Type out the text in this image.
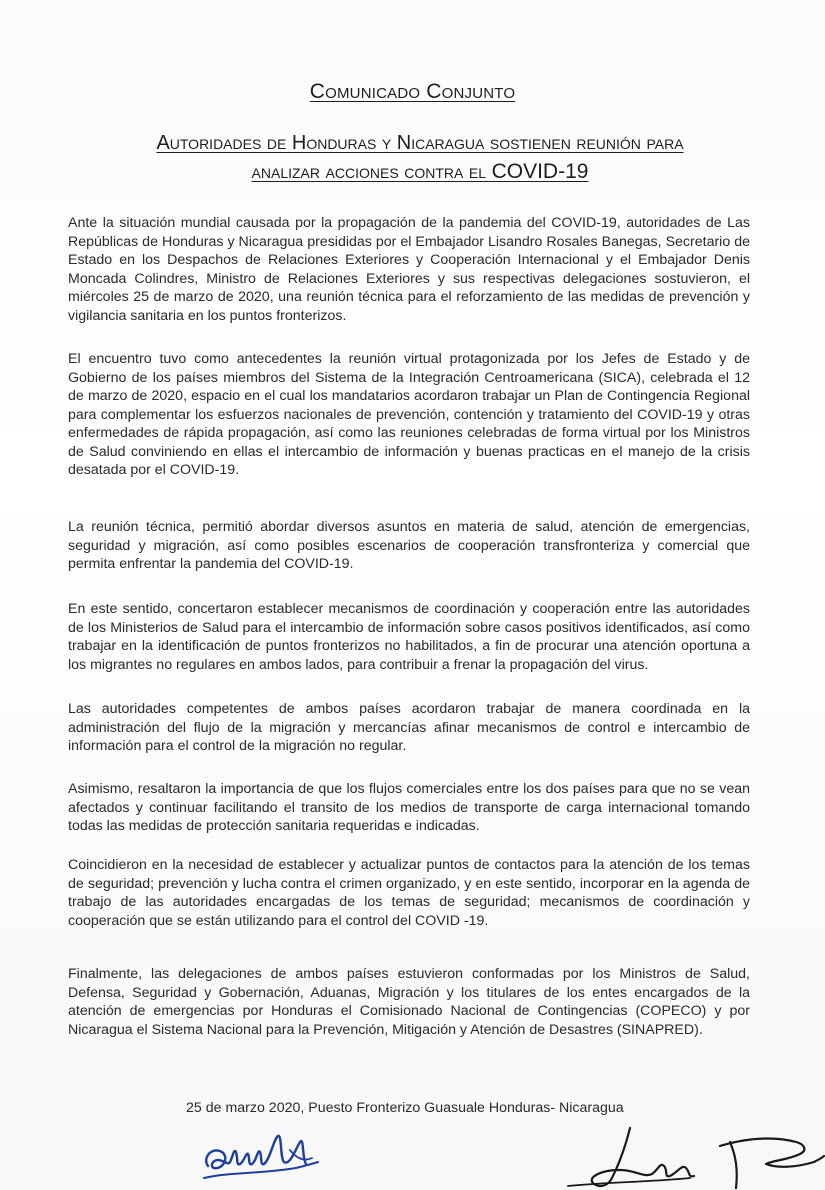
Comunicado Conjunto
Autoridades de Honduras y Nicaragua sostienen reunión para
analizar acciones contra el COVID-19

Ante la situación mundial causada por la propagación de la pandemia del COVID-19, autoridades de Las Repúblicas de Honduras y Nicaragua presididas por el Embajador Lisandro Rosales Banegas, Secretario de Estado en los Despachos de Relaciones Exteriores y Cooperación Internacional y el Embajador Denis Moncada Colindres, Ministro de Relaciones Exteriores y sus respectivas delegaciones sostuvieron, el miércoles 25 de marzo de 2020, una reunión técnica para el reforzamiento de las medidas de prevención y vigilancia sanitaria en los puntos fronterizos.

El encuentro tuvo como antecedentes la reunión virtual protagonizada por los Jefes de Estado y de Gobierno de los países miembros del Sistema de la Integración Centroamericana (SICA), celebrada el 12 de marzo de 2020, espacio en el cual los mandatarios acordaron trabajar un Plan de Contingencia Regional para complementar los esfuerzos nacionales de prevención, contención y tratamiento del COVID-19 y otras enfermedades de rápida propagación, así como las reuniones celebradas de forma virtual por los Ministros de Salud conviniendo en ellas el intercambio de información y buenas practicas en el manejo de la crisis desatada por el COVID-19.

La reunión técnica, permitió abordar diversos asuntos en materia de salud, atención de emergencias, seguridad y migración, así como posibles escenarios de cooperación transfronteriza y comercial que permita enfrentar la pandemia del COVID-19.

En este sentido, concertaron establecer mecanismos de coordinación y cooperación entre las autoridades de los Ministerios de Salud para el intercambio de información sobre casos positivos identificados, así como trabajar en la identificación de puntos fronterizos no habilitados, a fin de procurar una atención oportuna a los migrantes no regulares en ambos lados, para contribuir a frenar la propagación del virus.

Las autoridades competentes de ambos países acordaron trabajar de manera coordinada en la administración del flujo de la migración y mercancías afinar mecanismos de control e intercambio de información para el control de la migración no regular.

Asimismo, resaltaron la importancia de que los flujos comerciales entre los dos países para que no se vean afectados y continuar facilitando el transito de los medios de transporte de carga internacional tomando todas las medidas de protección sanitaria requeridas e indicadas.

Coincidieron en la necesidad de establecer y actualizar puntos de contactos para la atención de los temas de seguridad; prevención y lucha contra el crimen organizado, y en este sentido, incorporar en la agenda de trabajo de las autoridades encargadas de los temas de seguridad; mecanismos de coordinación y cooperación que se están utilizando para el control del COVID -19.

Finalmente, las delegaciones de ambos países estuvieron conformadas por los Ministros de Salud, Defensa, Seguridad y Gobernación, Aduanas, Migración y los titulares de los entes encargados de la atención de emergencias por Honduras el Comisionado Nacional de Contingencias (COPECO) y por Nicaragua el Sistema Nacional para la Prevención, Mitigación y Atención de Desastres (SINAPRED).

25 de marzo 2020, Puesto Fronterizo Guasuale Honduras- Nicaragua
